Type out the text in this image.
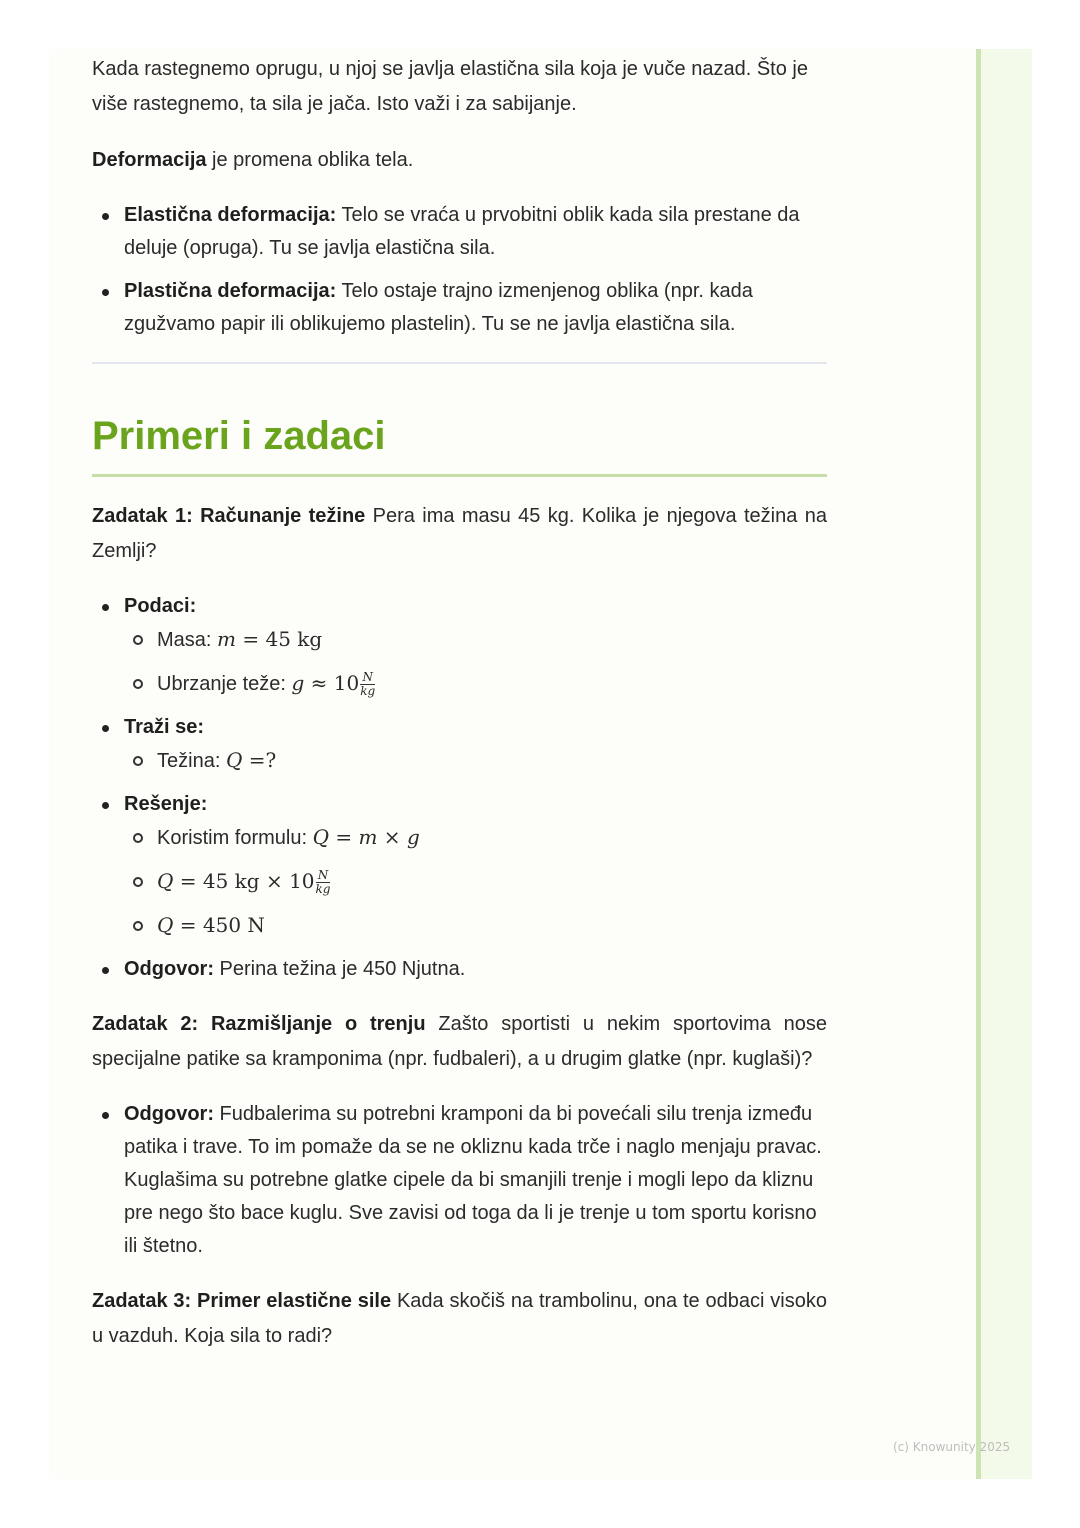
Kada rastegnemo oprugu, u njoj se javlja elastična sila koja je vuče nazad. Što je više rastegnemo, ta sila je jača. Isto važi i za sabijanje.

Deformacija je promena oblika tela.

Elastična deformacija: Telo se vraća u prvobitni oblik kada sila prestane da deluje (opruga). Tu se javlja elastična sila.
Plastična deformacija: Telo ostaje trajno izmenjenog oblika (npr. kada zgužvamo papir ili oblikujemo plastelin). Tu se ne javlja elastična sila.
Primeri i zadaci

Zadatak 1: Računanje težine Pera ima masu 45 kg. Kolika je njegova težina na Zemlji?

Podaci:
Masa: m = 45 kg
Ubrzanje teže: $g \approx 10 \frac{N}{kg}$
Traži se:
Težina: Q =?
Rešenje:
Koristim formulu: Q = m × g
Q = 45 kg × $10 \frac{N}{kg}$
Q = 450 N
Odgovor: Perina težina je 450 Njutna.

Zadatak 2: Razmišljanje o trenju Zašto sportisti u nekim sportovima nose specijalne patike sa kramponima (npr. fudbaleri), a u drugim glatke (npr. kuglaši)?

Odgovor: Fudbalerima su potrebni kramponi da bi povećali silu trenja između patika i trave. To im pomaže da se ne okliznu kada trče i naglo menjaju pravac. Kuglašima su potrebne glatke cipele da bi smanjili trenje i mogli lepo da kliznu pre nego što bace kuglu. Sve zavisi od toga da li je trenje u tom sportu korisno ili štetno.

Zadatak 3: Primer elastične sile Kada skočiš na trambolinu, ona te odbaci visoko u vazduh. Koja sila to radi?

(c) Knowunity 2025
